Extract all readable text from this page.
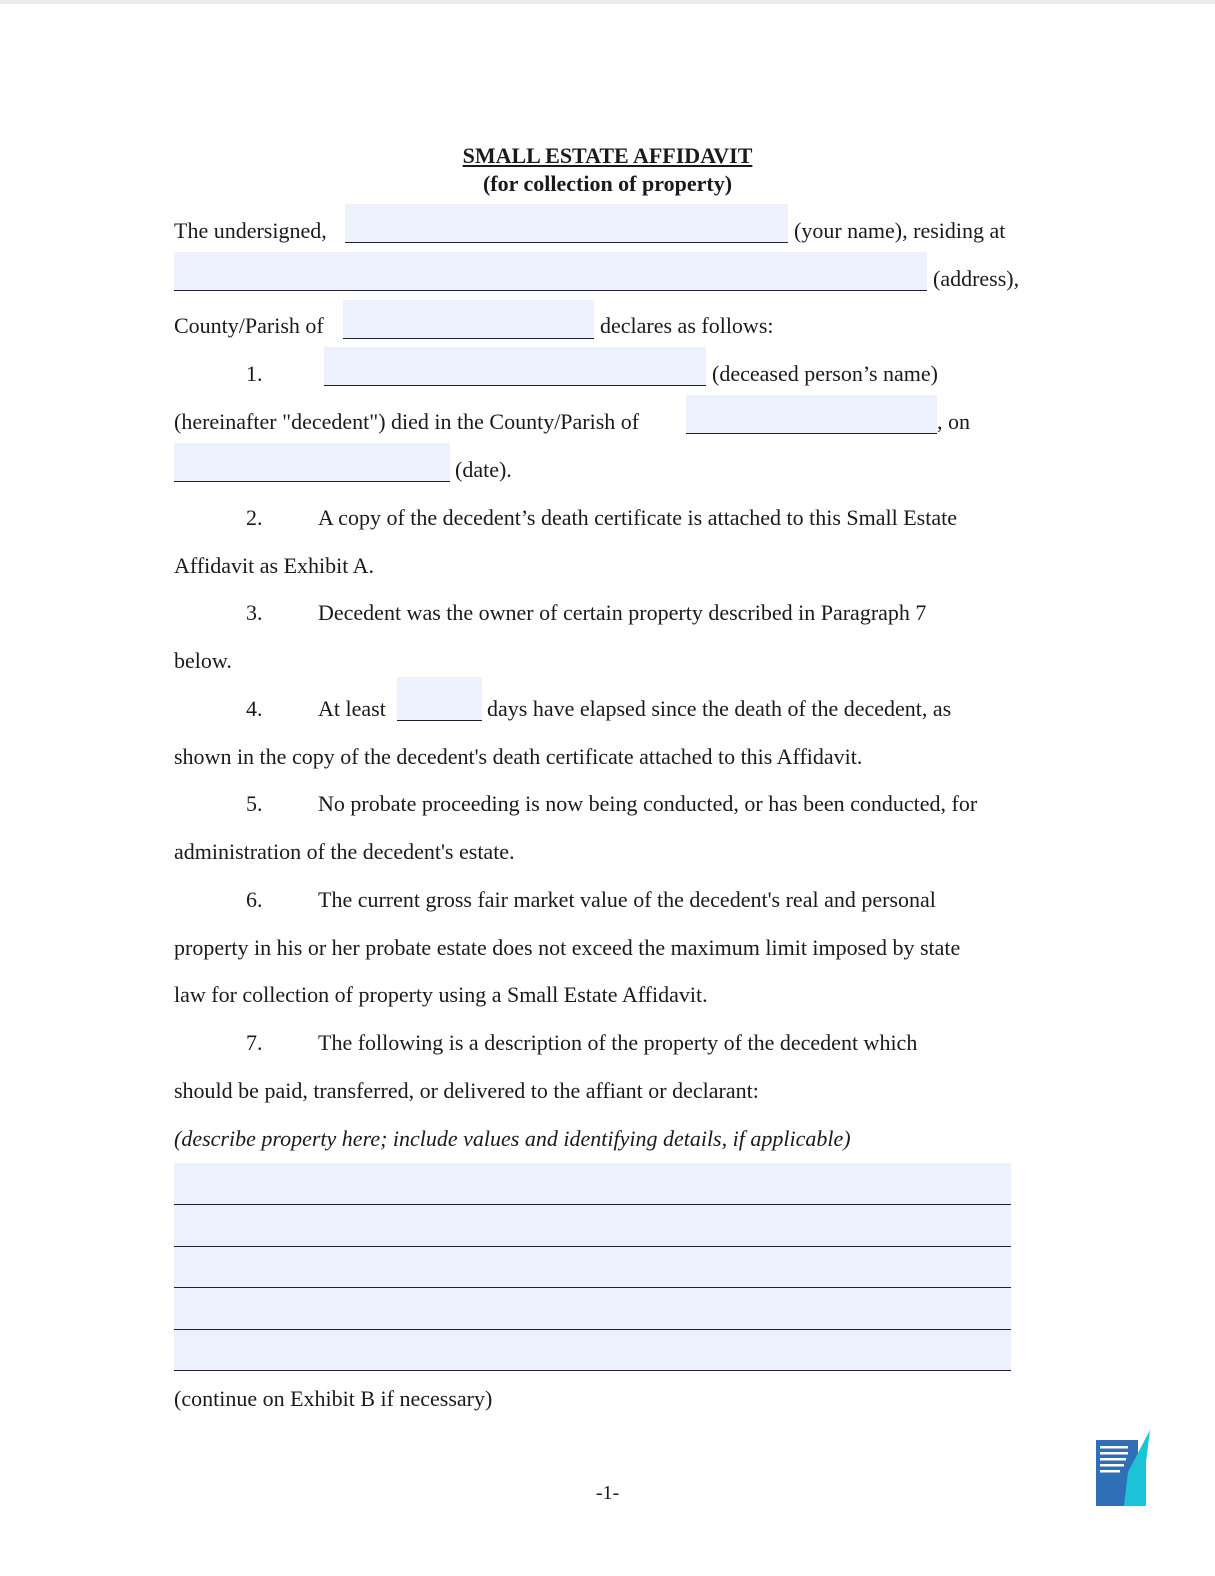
SMALL ESTATE AFFIDAVIT
(for collection of property)
The undersigned,	(your name), residing at
(address),
County/Parish of	declares as follows:
1.	(deceased person’s name)
(hereinafter "decedent") died in the County/Parish of	, on
(date).
2.	A copy of the decedent’s death certificate is attached to this Small Estate
Affidavit as Exhibit A.
3.	Decedent was the owner of certain property described in Paragraph 7
below.
4.	At least	days have elapsed since the death of the decedent, as
shown in the copy of the decedent's death certificate attached to this Affidavit.
5.	No probate proceeding is now being conducted, or has been conducted, for
administration of the decedent's estate.
6.	The current gross fair market value of the decedent's real and personal
property in his or her probate estate does not exceed the maximum limit imposed by state
law for collection of property using a Small Estate Affidavit.
7.	The following is a description of the property of the decedent which
should be paid, transferred, or delivered to the affiant or declarant:
(describe property here; include values and identifying details, if applicable)
(continue on Exhibit B if necessary)
-1-
